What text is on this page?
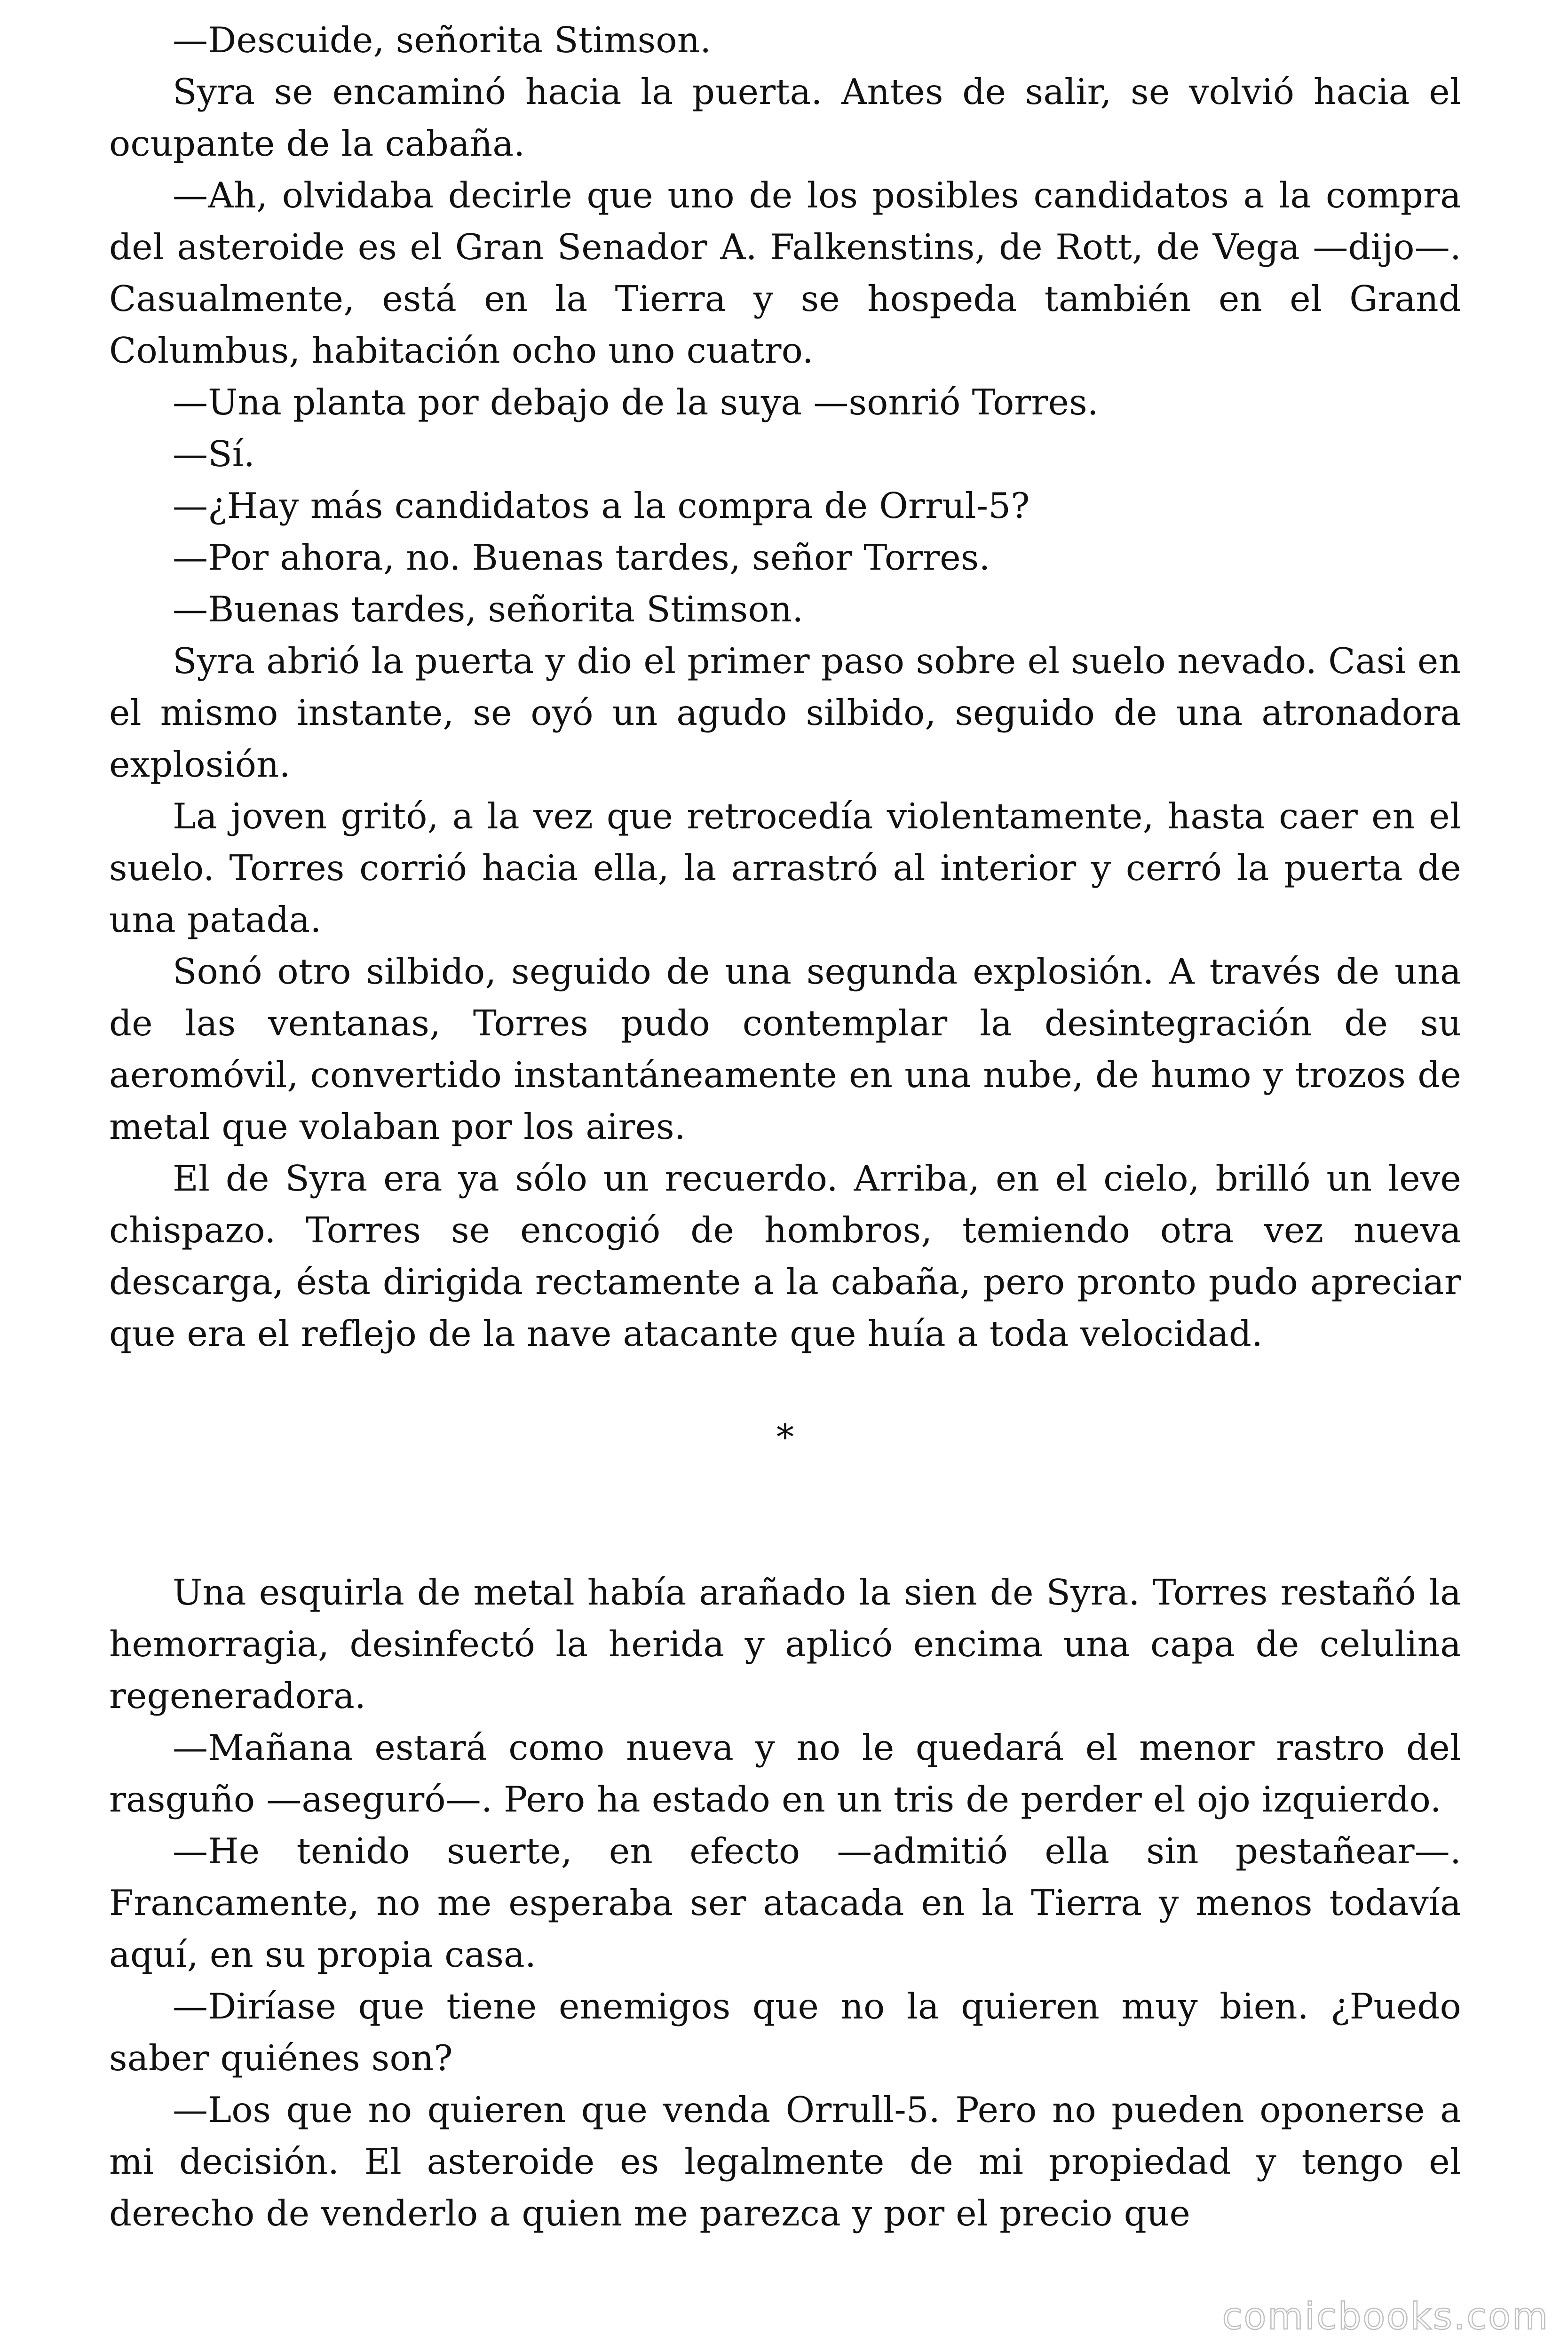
—Descuide, señorita Stimson.

Syra se encaminó hacia la puerta. Antes de salir, se volvió hacia el ocupante de la cabaña.

—Ah, olvidaba decirle que uno de los posibles candidatos a la compra del asteroide es el Gran Senador A. Falkenstins, de Rott, de Vega —dijo—. Casualmente, está en la Tierra y se hospeda también en el Grand Columbus, habitación ocho uno cuatro.

—Una planta por debajo de la suya —sonrió Torres.

—Sí.

—¿Hay más candidatos a la compra de Orrul-5?

—Por ahora, no. Buenas tardes, señor Torres.

—Buenas tardes, señorita Stimson.

Syra abrió la puerta y dio el primer paso sobre el suelo nevado. Casi en el mismo instante, se oyó un agudo silbido, seguido de una atronadora explosión.

La joven gritó, a la vez que retrocedía violentamente, hasta caer en el suelo. Torres corrió hacia ella, la arrastró al interior y cerró la puerta de una patada.

Sonó otro silbido, seguido de una segunda explosión. A través de una de las ventanas, Torres pudo contemplar la desintegración de su aeromóvil, convertido instantáneamente en una nube, de humo y trozos de metal que volaban por los aires.

El de Syra era ya sólo un recuerdo. Arriba, en el cielo, brilló un leve chispazo. Torres se encogió de hombros, temiendo otra vez nueva descarga, ésta dirigida rectamente a la cabaña, pero pronto pudo apreciar que era el reflejo de la nave atacante que huía a toda velocidad.

*

Una esquirla de metal había arañado la sien de Syra. Torres restañó la hemorragia, desinfectó la herida y aplicó encima una capa de celulina regeneradora.

—Mañana estará como nueva y no le quedará el menor rastro del rasguño —aseguró—. Pero ha estado en un tris de perder el ojo izquierdo.

—He tenido suerte, en efecto —admitió ella sin pestañear—. Francamente, no me esperaba ser atacada en la Tierra y menos todavía aquí, en su propia casa.

—Diríase que tiene enemigos que no la quieren muy bien. ¿Puedo saber quiénes son?

—Los que no quieren que venda Orrull-5. Pero no pueden oponerse a mi decisión. El asteroide es legalmente de mi propiedad y tengo el derecho de venderlo a quien me parezca y por el precio que

comicbooks.com
